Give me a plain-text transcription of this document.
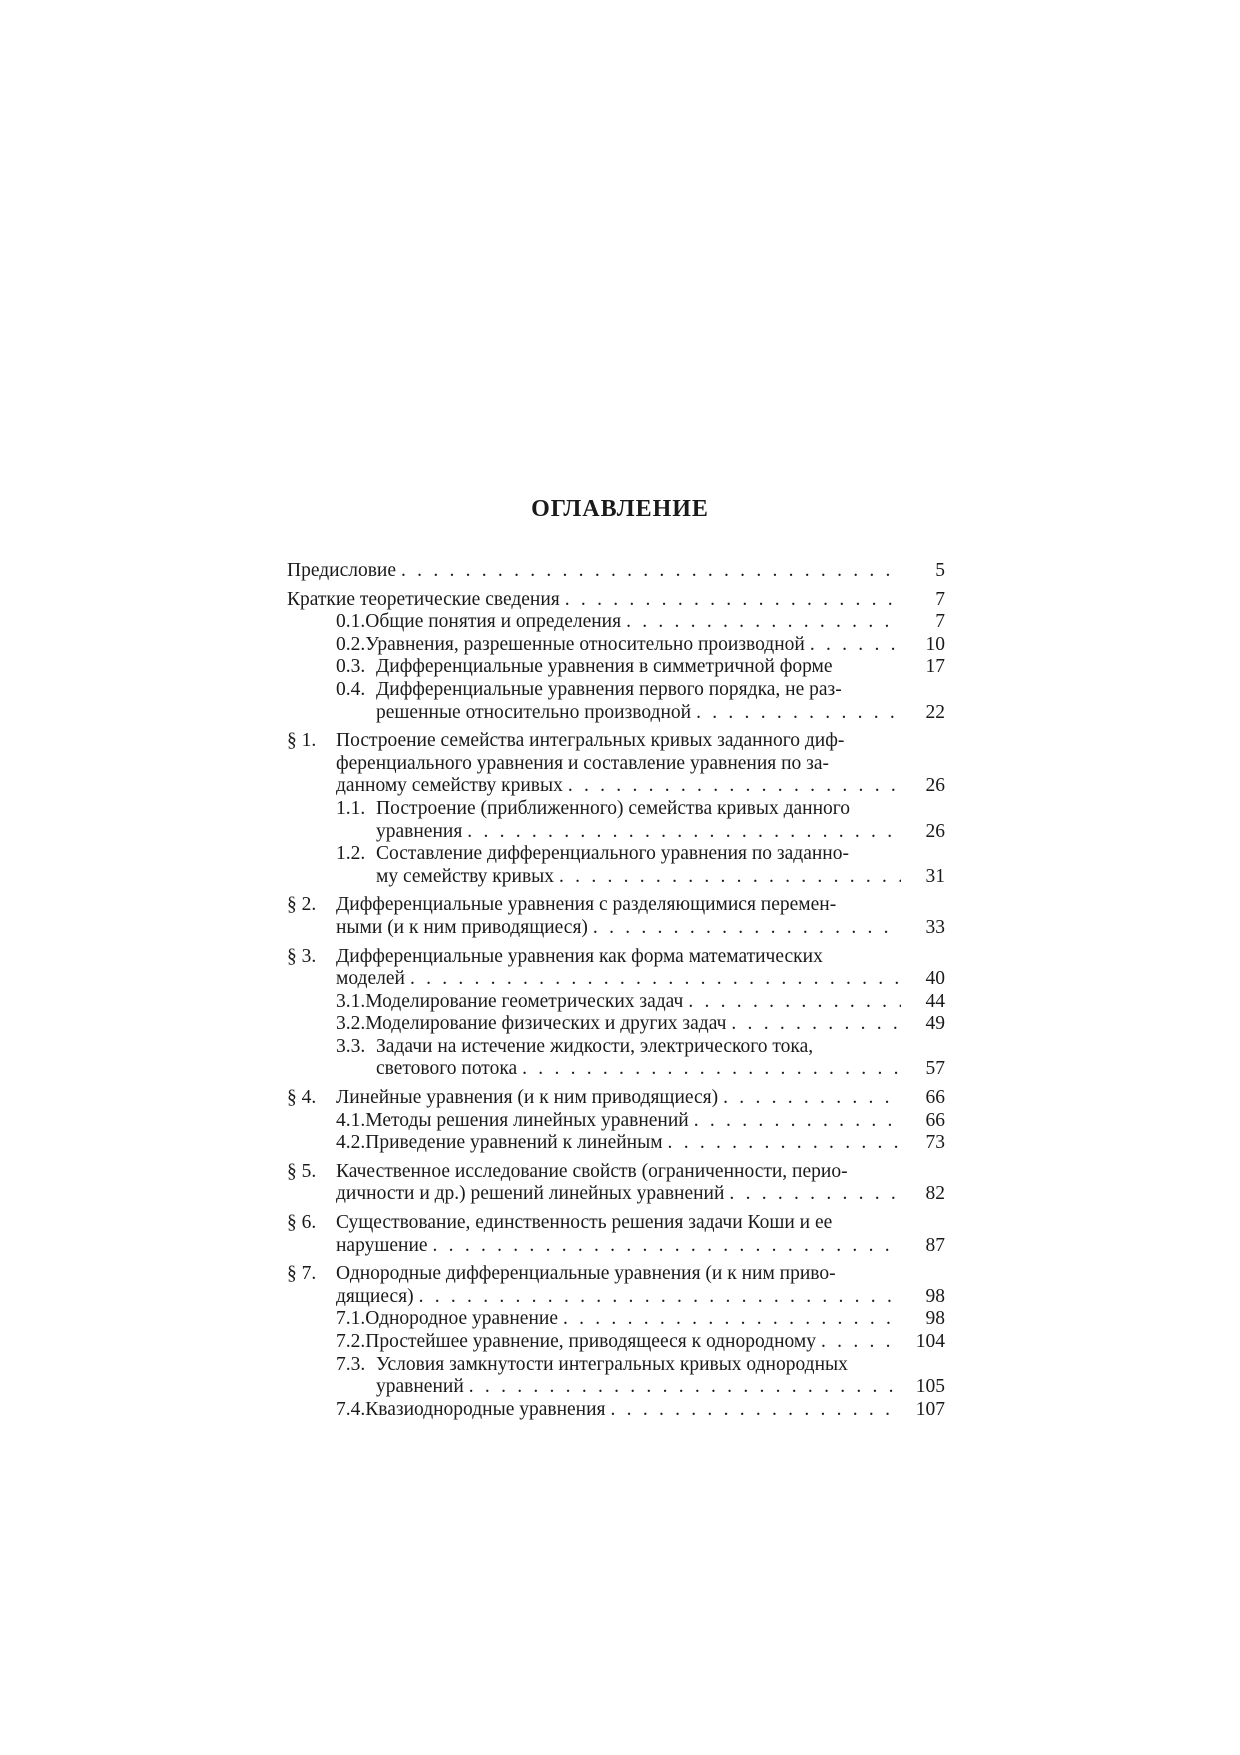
ОГЛАВЛЕНИЕ
Предисловие . . .	5
Краткие теоретические сведения . . .	7
0.1. Общие понятия и определения . . .	7
0.2. Уравнения, разрешенные относительно производной . . .	10
0.3. Дифференциальные уравнения в симметричной форме	17
0.4. Дифференциальные уравнения первого порядка, не раз-
решенные относительно производной . . .	22
§ 1. Построение семейства интегральных кривых заданного диф-
ференциального уравнения и составление уравнения по за-
данному семейству кривых . . .	26
1.1. Построение (приближенного) семейства кривых данного
уравнения . . .	26
1.2. Составление дифференциального уравнения по заданно-
му семейству кривых . . .	31
§ 2. Дифференциальные уравнения с разделяющимися перемен-
ными (и к ним приводящиеся) . . .	33
§ 3. Дифференциальные уравнения как форма математических
моделей . . .	40
3.1. Моделирование геометрических задач . . .	44
3.2. Моделирование физических и других задач . . .	49
3.3. Задачи на истечение жидкости, электрического тока,
светового потока . . .	57
§ 4. Линейные уравнения (и к ним приводящиеся) . . .	66
4.1. Методы решения линейных уравнений . . .	66
4.2. Приведение уравнений к линейным . . .	73
§ 5. Качественное исследование свойств (ограниченности, перио-
дичности и др.) решений линейных уравнений . . .	82
§ 6. Существование, единственность решения задачи Коши и ее
нарушение . . .	87
§ 7. Однородные дифференциальные уравнения (и к ним приво-
дящиеся) . . .	98
7.1. Однородное уравнение . . .	98
7.2. Простейшее уравнение, приводящееся к однородному . . .	104
7.3. Условия замкнутости интегральных кривых однородных
уравнений . . .	105
7.4. Квазиоднородные уравнения . . .	107
